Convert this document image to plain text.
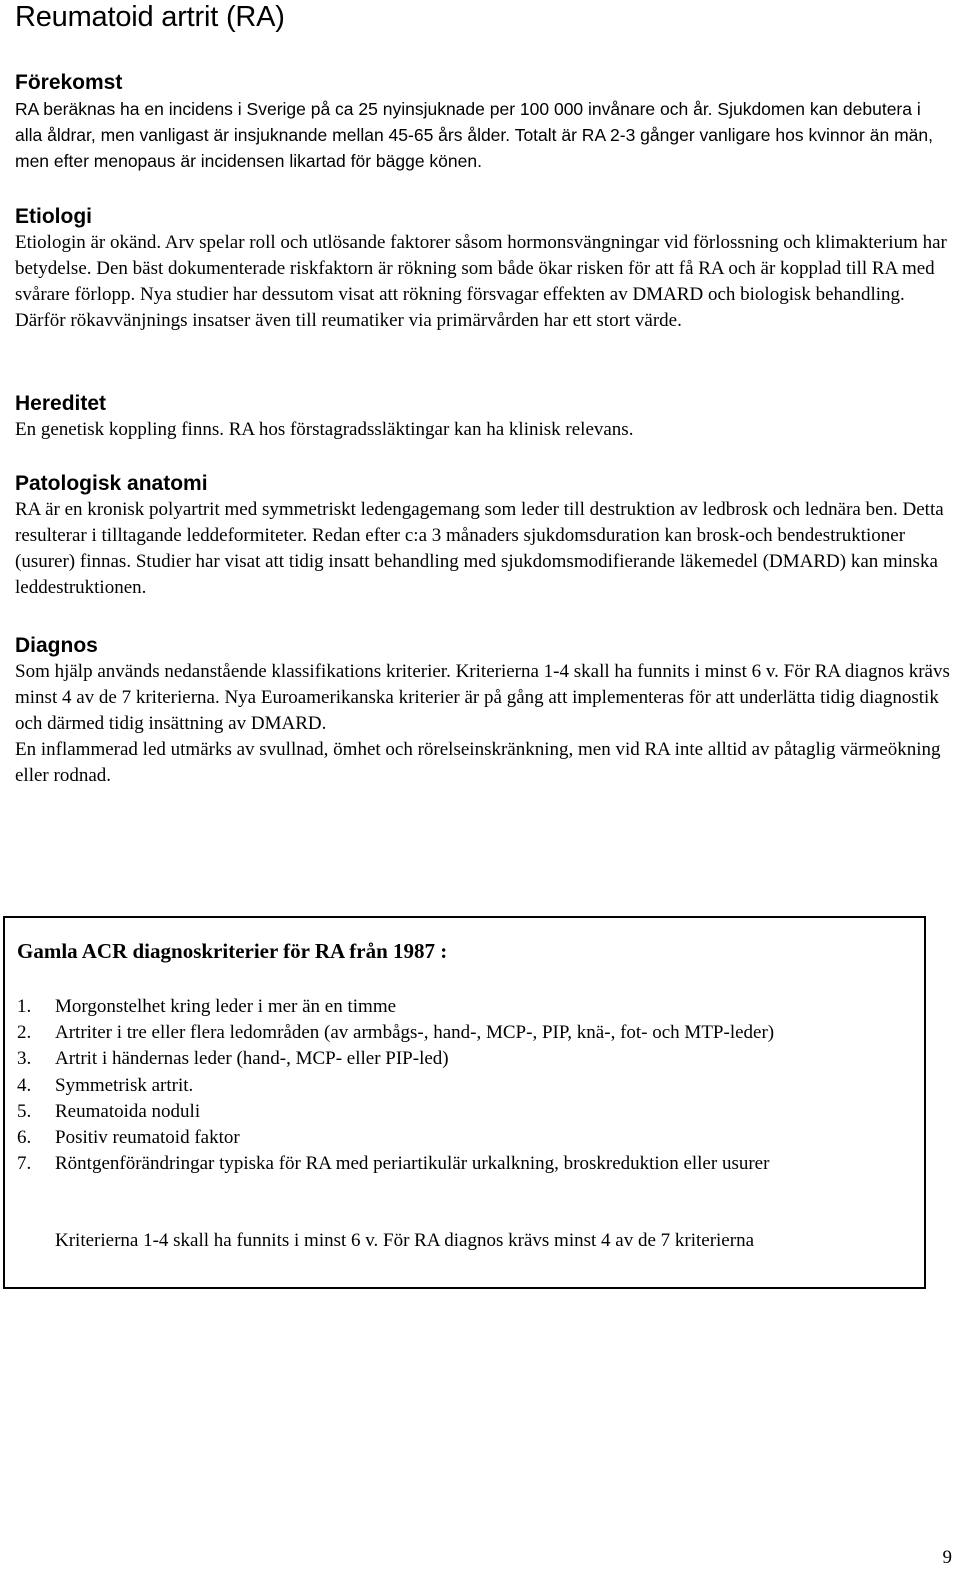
Reumatoid artrit (RA)
Förekomst

RA beräknas ha en incidens i Sverige på ca 25 nyinsjuknade per 100 000 invånare och år. Sjukdomen kan debutera i alla åldrar, men vanligast är insjuknande mellan 45-65 års ålder. Totalt är RA 2-3 gånger vanligare hos kvinnor än män, men efter menopaus är incidensen likartad för bägge könen.

Etiologi

Etiologin är okänd. Arv spelar roll och utlösande faktorer såsom hormonsvängningar vid förlossning och klimakterium har betydelse. Den bäst dokumenterade riskfaktorn är rökning som både ökar risken för att få RA och är kopplad till RA med svårare förlopp. Nya studier har dessutom visat att rökning försvagar effekten av DMARD och biologisk behandling. Därför rökavvänjnings insatser även till reumatiker via primärvården har ett stort värde.

Hereditet

En genetisk koppling finns. RA hos förstagradssläktingar kan ha klinisk relevans.

Patologisk anatomi

RA är en kronisk polyartrit med symmetriskt ledengagemang som leder till destruktion av ledbrosk och lednära ben. Detta resulterar i tilltagande leddeformiteter. Redan efter c:a 3 månaders sjukdomsduration kan brosk-och bendestruktioner (usurer) finnas. Studier har visat att tidig insatt behandling med sjukdomsmodifierande läkemedel (DMARD) kan minska leddestruktionen.

Diagnos

Som hjälp används nedanstående klassifikations kriterier. Kriterierna 1-4 skall ha funnits i minst 6 v. För RA diagnos krävs minst 4 av de 7 kriterierna. Nya Euroamerikanska kriterier är på gång att implementeras för att underlätta tidig diagnostik och därmed tidig insättning av DMARD.

En inflammerad led utmärks av svullnad, ömhet och rörelseinskränkning, men vid RA inte alltid av påtaglig värmeökning eller rodnad.

Gamla ACR diagnoskriterier för RA från 1987 :

1. Morgonstelhet kring leder i mer än en timme
2. Artriter i tre eller flera ledområden (av armbågs-, hand-, MCP-, PIP, knä-, fot- och MTP-leder)
3. Artrit i händernas leder (hand-, MCP- eller PIP-led)
4. Symmetrisk artrit.
5. Reumatoida noduli
6. Positiv reumatoid faktor
7. Röntgenförändringar typiska för RA med periartikulär urkalkning, broskreduktion eller usurer

Kriterierna 1-4 skall ha funnits i minst 6 v. För RA diagnos krävs minst 4 av de 7 kriterierna

9
